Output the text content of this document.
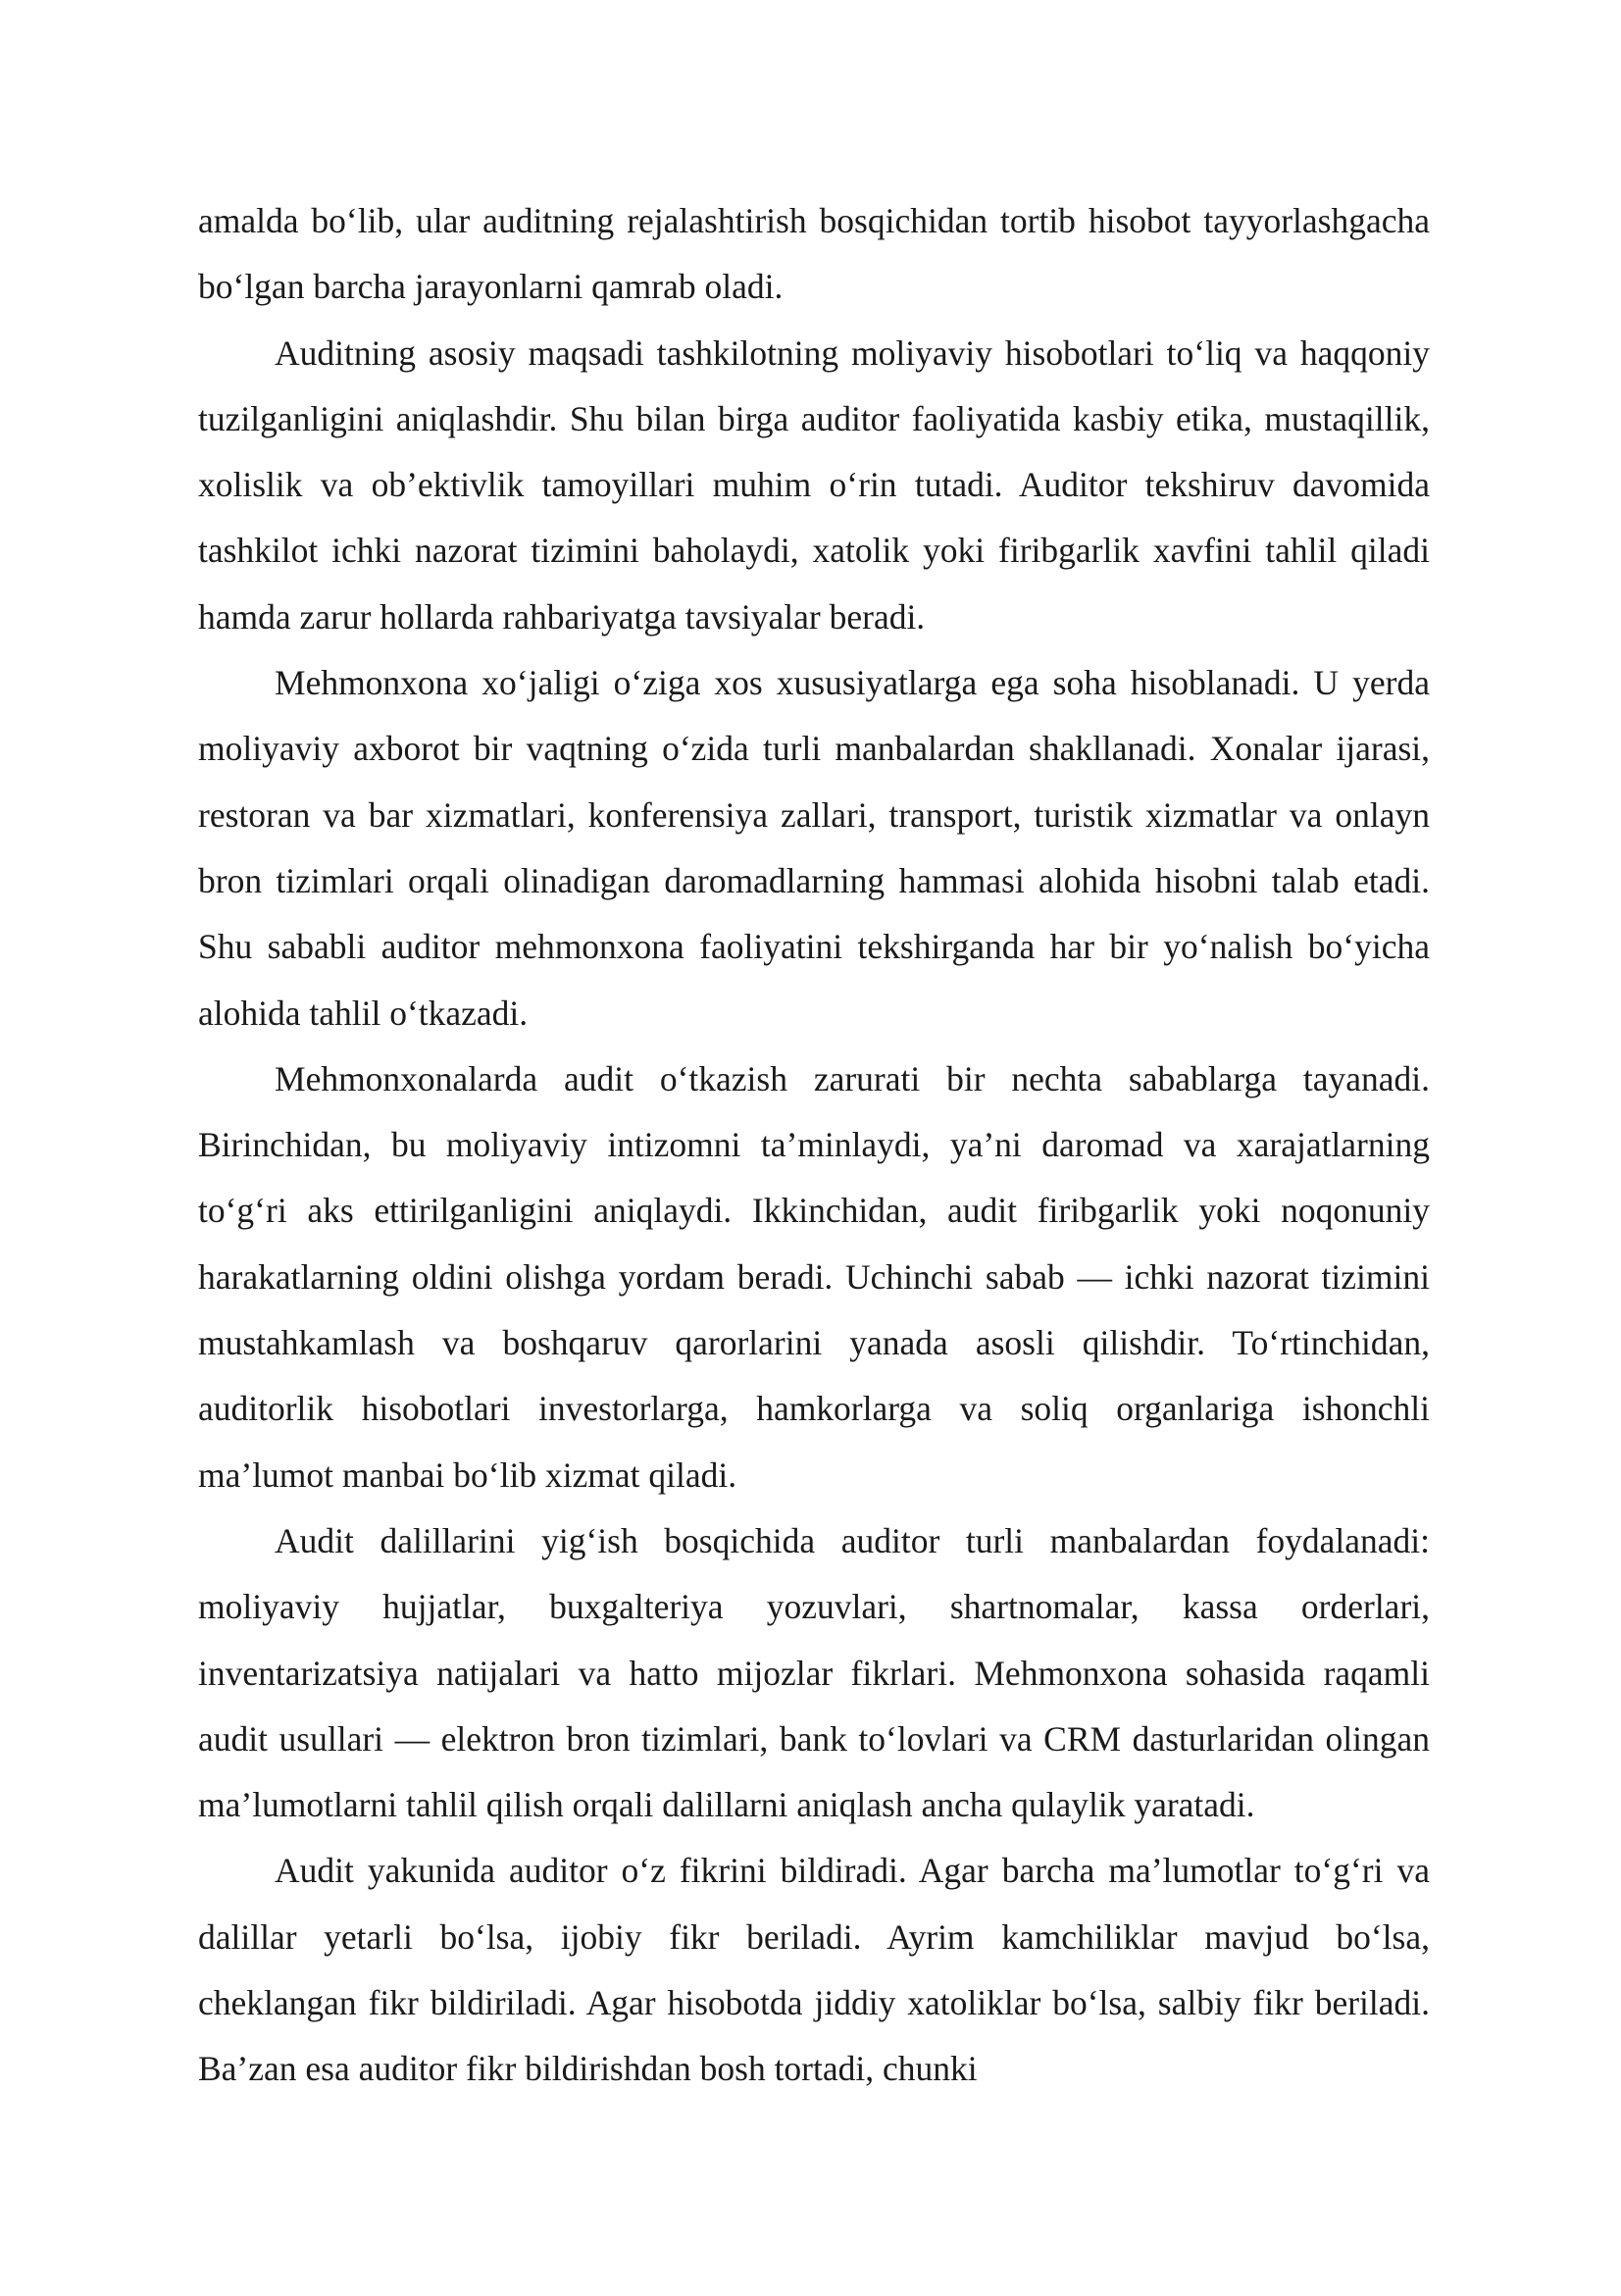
amalda bo‘lib, ular auditning rejalashtirish bosqichidan tortib hisobot tayyorlashgacha bo‘lgan barcha jarayonlarni qamrab oladi.

Auditning asosiy maqsadi tashkilotning moliyaviy hisobotlari to‘liq va haqqoniy tuzilganligini aniqlashdir. Shu bilan birga auditor faoliyatida kasbiy etika, mustaqillik, xolislik va ob’ektivlik tamoyillari muhim o‘rin tutadi. Auditor tekshiruv davomida tashkilot ichki nazorat tizimini baholaydi, xatolik yoki firibgarlik xavfini tahlil qiladi hamda zarur hollarda rahbariyatga tavsiyalar beradi.

Mehmonxona xo‘jaligi o‘ziga xos xususiyatlarga ega soha hisoblanadi. U yerda moliyaviy axborot bir vaqtning o‘zida turli manbalardan shakllanadi. Xonalar ijarasi, restoran va bar xizmatlari, konferensiya zallari, transport, turistik xizmatlar va onlayn bron tizimlari orqali olinadigan daromadlarning hammasi alohida hisobni talab etadi. Shu sababli auditor mehmonxona faoliyatini tekshirganda har bir yo‘nalish bo‘yicha alohida tahlil o‘tkazadi.

Mehmonxonalarda audit o‘tkazish zarurati bir nechta sabablarga tayanadi. Birinchidan, bu moliyaviy intizomni ta’minlaydi, ya’ni daromad va xarajatlarning to‘g‘ri aks ettirilganligini aniqlaydi. Ikkinchidan, audit firibgarlik yoki noqonuniy harakatlarning oldini olishga yordam beradi. Uchinchi sabab — ichki nazorat tizimini mustahkamlash va boshqaruv qarorlarini yanada asosli qilishdir. To‘rtinchidan, auditorlik hisobotlari investorlarga, hamkorlarga va soliq organlariga ishonchli ma’lumot manbai bo‘lib xizmat qiladi.

Audit dalillarini yig‘ish bosqichida auditor turli manbalardan foydalanadi: moliyaviy hujjatlar, buxgalteriya yozuvlari, shartnomalar, kassa orderlari, inventarizatsiya natijalari va hatto mijozlar fikrlari. Mehmonxona sohasida raqamli audit usullari — elektron bron tizimlari, bank to‘lovlari va CRM dasturlaridan olingan ma’lumotlarni tahlil qilish orqali dalillarni aniqlash ancha qulaylik yaratadi.

Audit yakunida auditor o‘z fikrini bildiradi. Agar barcha ma’lumotlar to‘g‘ri va dalillar yetarli bo‘lsa, ijobiy fikr beriladi. Ayrim kamchiliklar mavjud bo‘lsa, cheklangan fikr bildiriladi. Agar hisobotda jiddiy xatoliklar bo‘lsa, salbiy fikr beriladi. Ba’zan esa auditor fikr bildirishdan bosh tortadi, chunki
